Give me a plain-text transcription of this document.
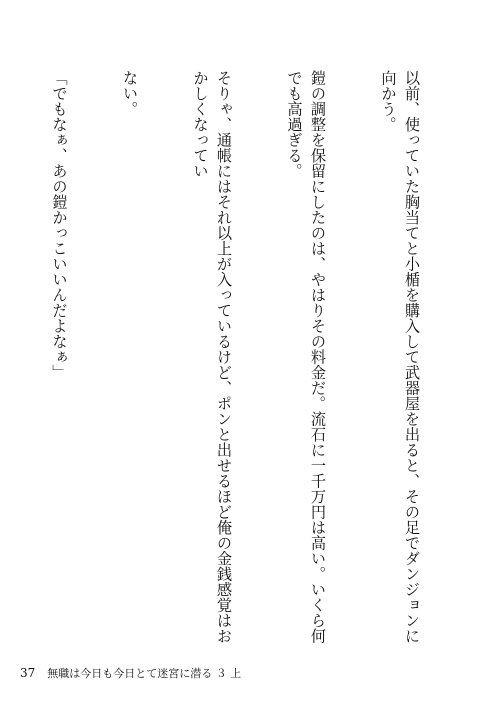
以前、使っていた胸当てと小楯を購入して武器屋を出ると、その足でダンジョンに向かう。

鎧の調整を保留にしたのは、やはりその料金だ。流石に一千万円は高い。いくら何でも高過ぎる。

そりゃ、通帳にはそれ以上が入っているけど、ポンと出せるほど俺の金銭感覚はおかしくなってい

ない。

「でもなぁ、あの鎧かっこいいんだよなぁ」

37 無職は今日も今日とて迷宮に潜る ３ 上
